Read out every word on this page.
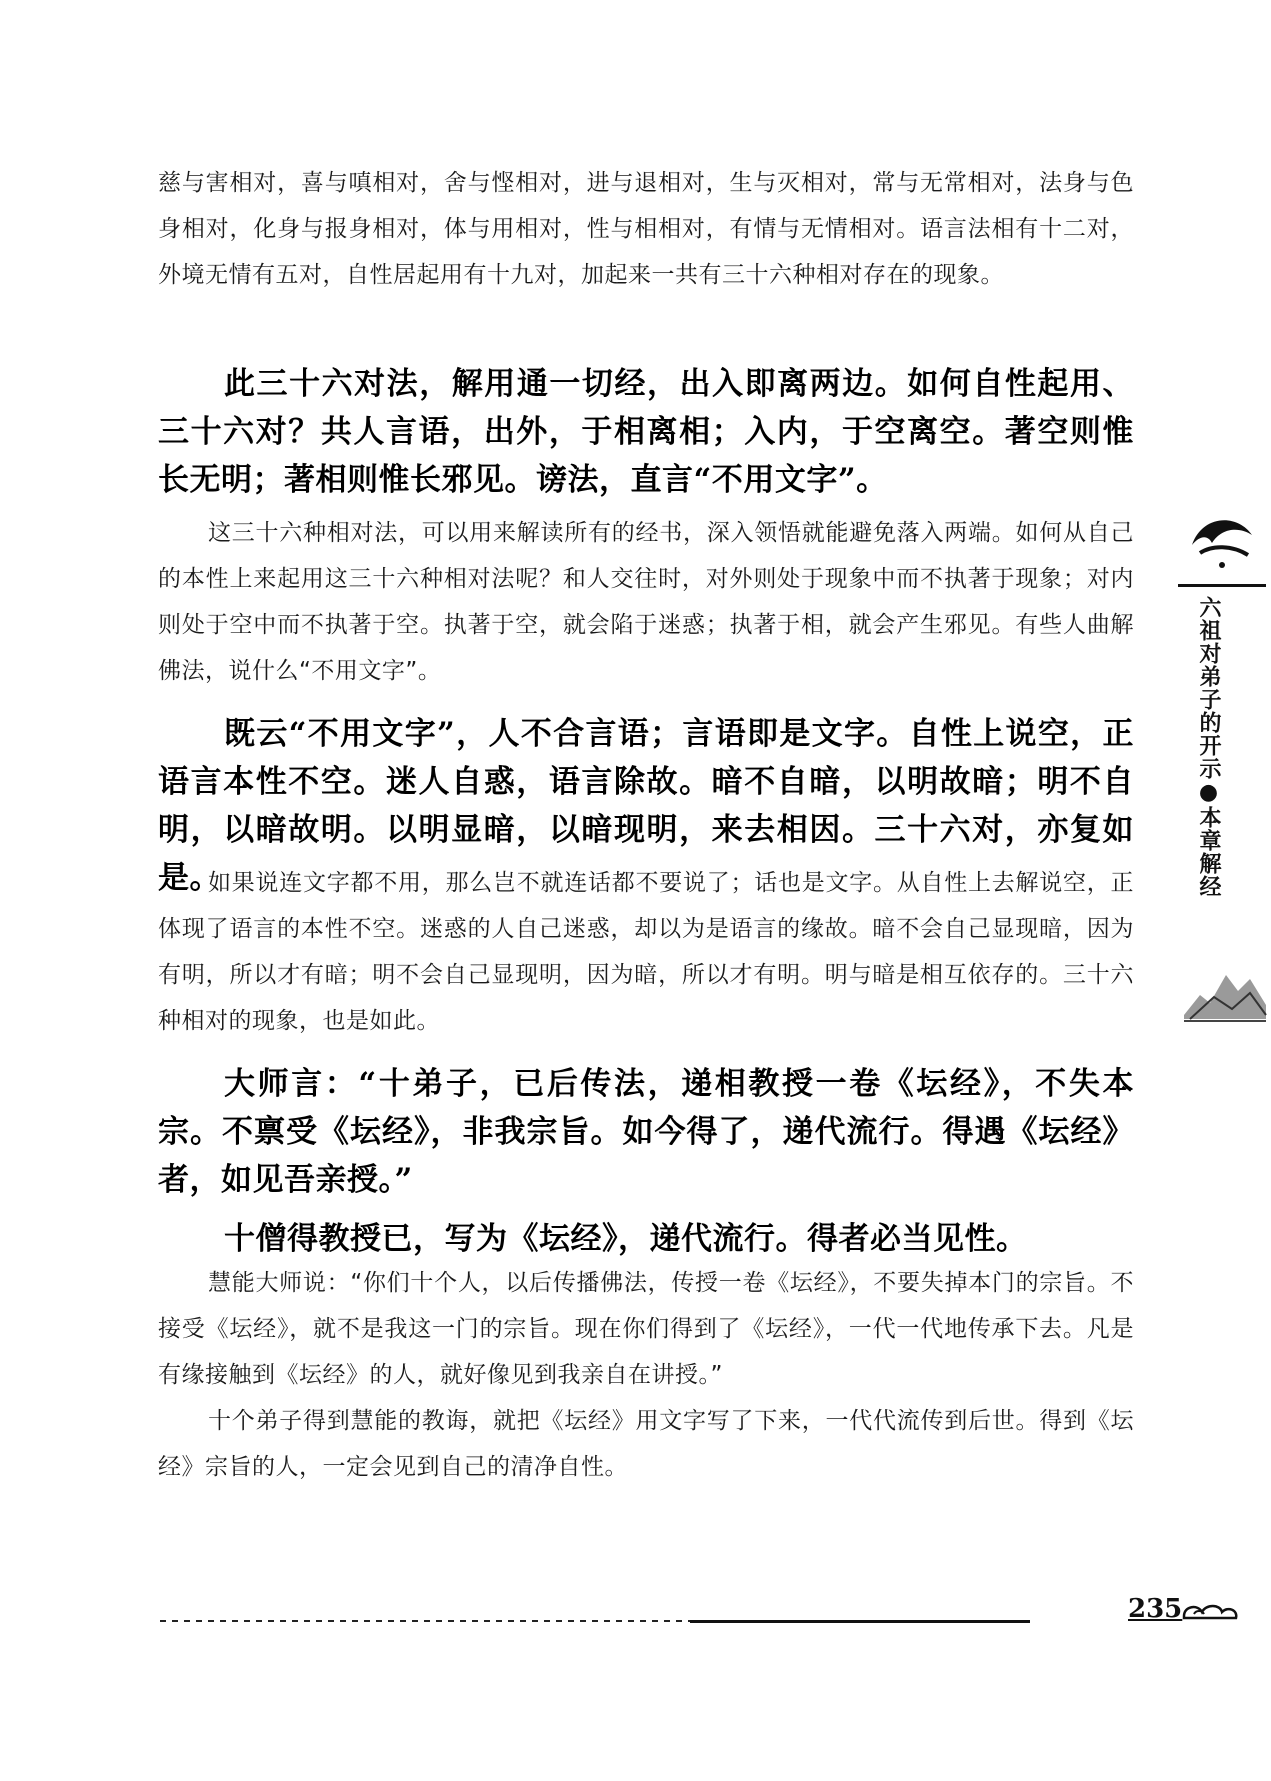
慈与害相对，喜与嗔相对，舍与悭相对，进与退相对，生与灭相对，常与无常相对，法身与色身相对，化身与报身相对，体与用相对，性与相相对，有情与无情相对。语言法相有十二对，外境无情有五对，自性居起用有十九对，加起来一共有三十六种相对存在的现象。

此三十六对法，解用通一切经，出入即离两边。如何自性起用、三十六对？共人言语，出外，于相离相；入内，于空离空。著空则惟长无明；著相则惟长邪见。谤法，直言“不用文字”。

这三十六种相对法，可以用来解读所有的经书，深入领悟就能避免落入两端。如何从自己的本性上来起用这三十六种相对法呢？和人交往时，对外则处于现象中而不执著于现象；对内则处于空中而不执著于空。执著于空，就会陷于迷惑；执著于相，就会产生邪见。有些人曲解佛法，说什么“不用文字”。

既云“不用文字”，人不合言语；言语即是文字。自性上说空，正语言本性不空。迷人自惑，语言除故。暗不自暗，以明故暗；明不自明，以暗故明。以明显暗，以暗现明，来去相因。三十六对，亦复如是。

如果说连文字都不用，那么岂不就连话都不要说了；话也是文字。从自性上去解说空，正体现了语言的本性不空。迷惑的人自己迷惑，却以为是语言的缘故。暗不会自己显现暗，因为有明，所以才有暗；明不会自己显现明，因为暗，所以才有明。明与暗是相互依存的。三十六种相对的现象，也是如此。

大师言：“十弟子，已后传法，递相教授一卷《坛经》，不失本宗。不禀受《坛经》，非我宗旨。如今得了，递代流行。得遇《坛经》者，如见吾亲授。”

十僧得教授已，写为《坛经》，递代流行。得者必当见性。

慧能大师说：“你们十个人，以后传播佛法，传授一卷《坛经》，不要失掉本门的宗旨。不接受《坛经》，就不是我这一门的宗旨。现在你们得到了《坛经》，一代一代地传承下去。凡是有缘接触到《坛经》的人，就好像见到我亲自在讲授。”

十个弟子得到慧能的教诲，就把《坛经》用文字写了下来，一代代流传到后世。得到《坛经》宗旨的人，一定会见到自己的清净自性。

六祖对弟子的开示●本章解经
235
